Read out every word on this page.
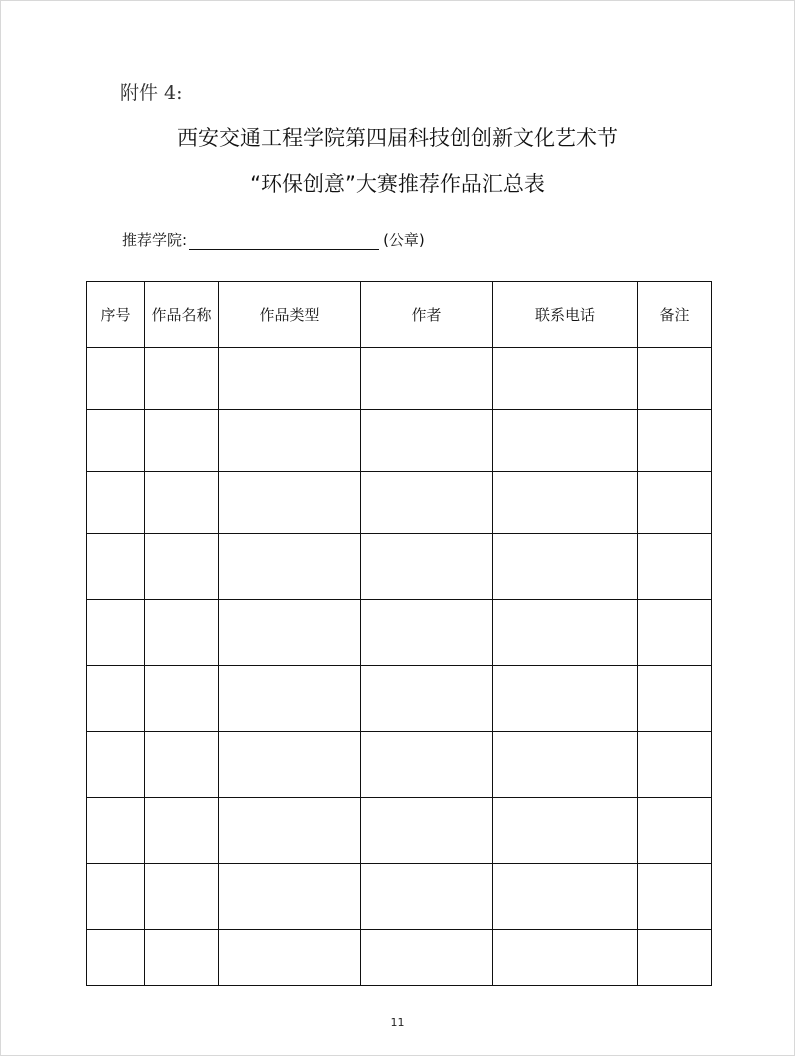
附件 4:
西安交通工程学院第四届科技创创新文化艺术节
“环保创意”大赛推荐作品汇总表
推荐学院:	(公章)
序号	作品名称	作品类型	作者	联系电话	备注

11
